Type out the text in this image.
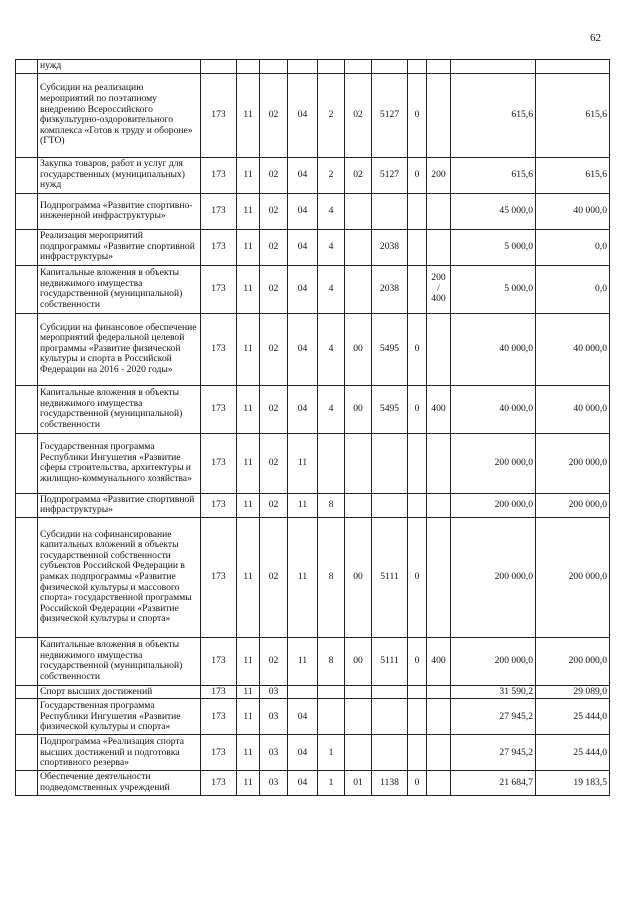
62
	нужд											
	Субсидии на реализацию мероприятий по поэтапному внедрению Всероссийского физкультурно-оздоровительного комплекса «Готов к труду и обороне» (ГТО)	173	11	02	04	2	02	5127	0		615,6	615,6
	Закупка товаров, работ и услуг для государственных (муниципальных) нужд	173	11	02	04	2	02	5127	0	200	615,6	615,6
	Подпрограмма «Развитие спортивно-инженерной инфраструктуры»	173	11	02	04	4					45 000,0	40 000,0
	Реализация мероприятий подпрограммы «Развитие спортивной инфраструктуры»	173	11	02	04	4		2038			5 000,0	0,0
	Капитальные вложения в объекты недвижимого имущества государственной (муниципальной) собственности	173	11	02	04	4		2038		200 / 400	5 000,0	0,0
	Субсидии на финансовое обеспечение мероприятий федеральной целевой программы «Развитие физической культуры и спорта в Российской Федерации на 2016 - 2020 годы»	173	11	02	04	4	00	5495	0		40 000,0	40 000,0
	Капитальные вложения в объекты недвижимого имущества государственной (муниципальной) собственности	173	11	02	04	4	00	5495	0	400	40 000,0	40 000,0
	Государственная программа Республики Ингушетия «Развитие сферы строительства, архитектуры и жилищно-коммунального хозяйства»	173	11	02	11						200 000,0	200 000,0
	Подпрограмма «Развитие спортивной инфраструктуры»	173	11	02	11	8					200 000,0	200 000,0
	Субсидии на софинансирование капитальных вложений в объекты государственной собственности субъектов Российской Федерации в рамках подпрограммы «Развитие физической культуры и массового спорта» государственной программы Российской Федерации «Развитие физической культуры и спорта»	173	11	02	11	8	00	5111	0		200 000,0	200 000,0
	Капитальные вложения в объекты недвижимого имущества государственной (муниципальной) собственности	173	11	02	11	8	00	5111	0	400	200 000,0	200 000,0
	Спорт высших достижений	173	11	03							31 590,2	29 089,0
	Государственная программа Республики Ингушетия «Развитие физической культуры и спорта»	173	11	03	04						27 945,2	25 444,0
	Подпрограмма «Реализация спорта высших достижений и подготовка спортивного резерва»	173	11	03	04	1					27 945,2	25 444,0
	Обеспечение деятельности подведомственных учреждений	173	11	03	04	1	01	1138	0		21 684,7	19 183,5
